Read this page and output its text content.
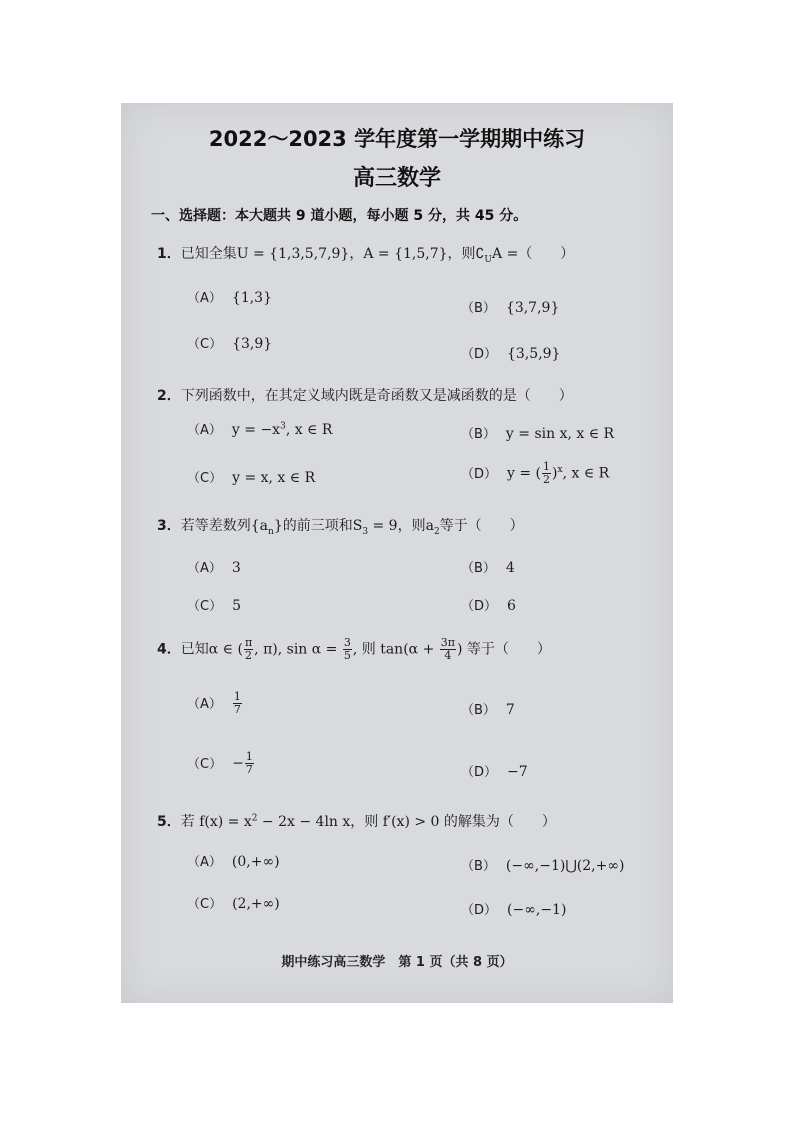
2022～2023 学年度第一学期期中练习
高三数学
一、选择题：本大题共 9 道小题，每小题 5 分，共 45 分。
1．已知全集U = {1,3,5,7,9}，A = {1,5,7}，则$∁_UA$ =（　　）
（A） {1,3}
（B） {3,7,9}
（C） {3,9}
（D） {3,5,9}
2．下列函数中，在其定义域内既是奇函数又是减函数的是（　　）
（A） $y = -x^3$, x ∈ R	（B） y = sin x, x ∈ R
（C） y = x, x ∈ R	（D） y = ( $\frac{1}{2} )^x$, x ∈ R
3．若等差数列$\{a_n\}$的前三项和$S_3 = 9$，则$a_2$等于（　　）
（A） 3	（B） 4
（C） 5	（D） 6
4．已知α ∈ ( $\frac{\pi}{2}$ , π), $\sin \alpha = \frac{3}{5}$ , 则 $\tan(\alpha + \frac{3\pi}{4}$ ) 等于（　　）
$(A) \frac{1}{7}$	（B） 7
$(C) - \frac{1}{7}$	（D） −7
5．若 $f(x) = x^2 - 2x - 4\ln$ x，则 f′(x) > 0 的解集为（　　）
（A） (0,+∞)	（B） (−∞,−1)⋃(2,+∞)
（C） (2,+∞)	（D） (−∞,−1)
期中练习高三数学　第 1 页（共 8 页）
